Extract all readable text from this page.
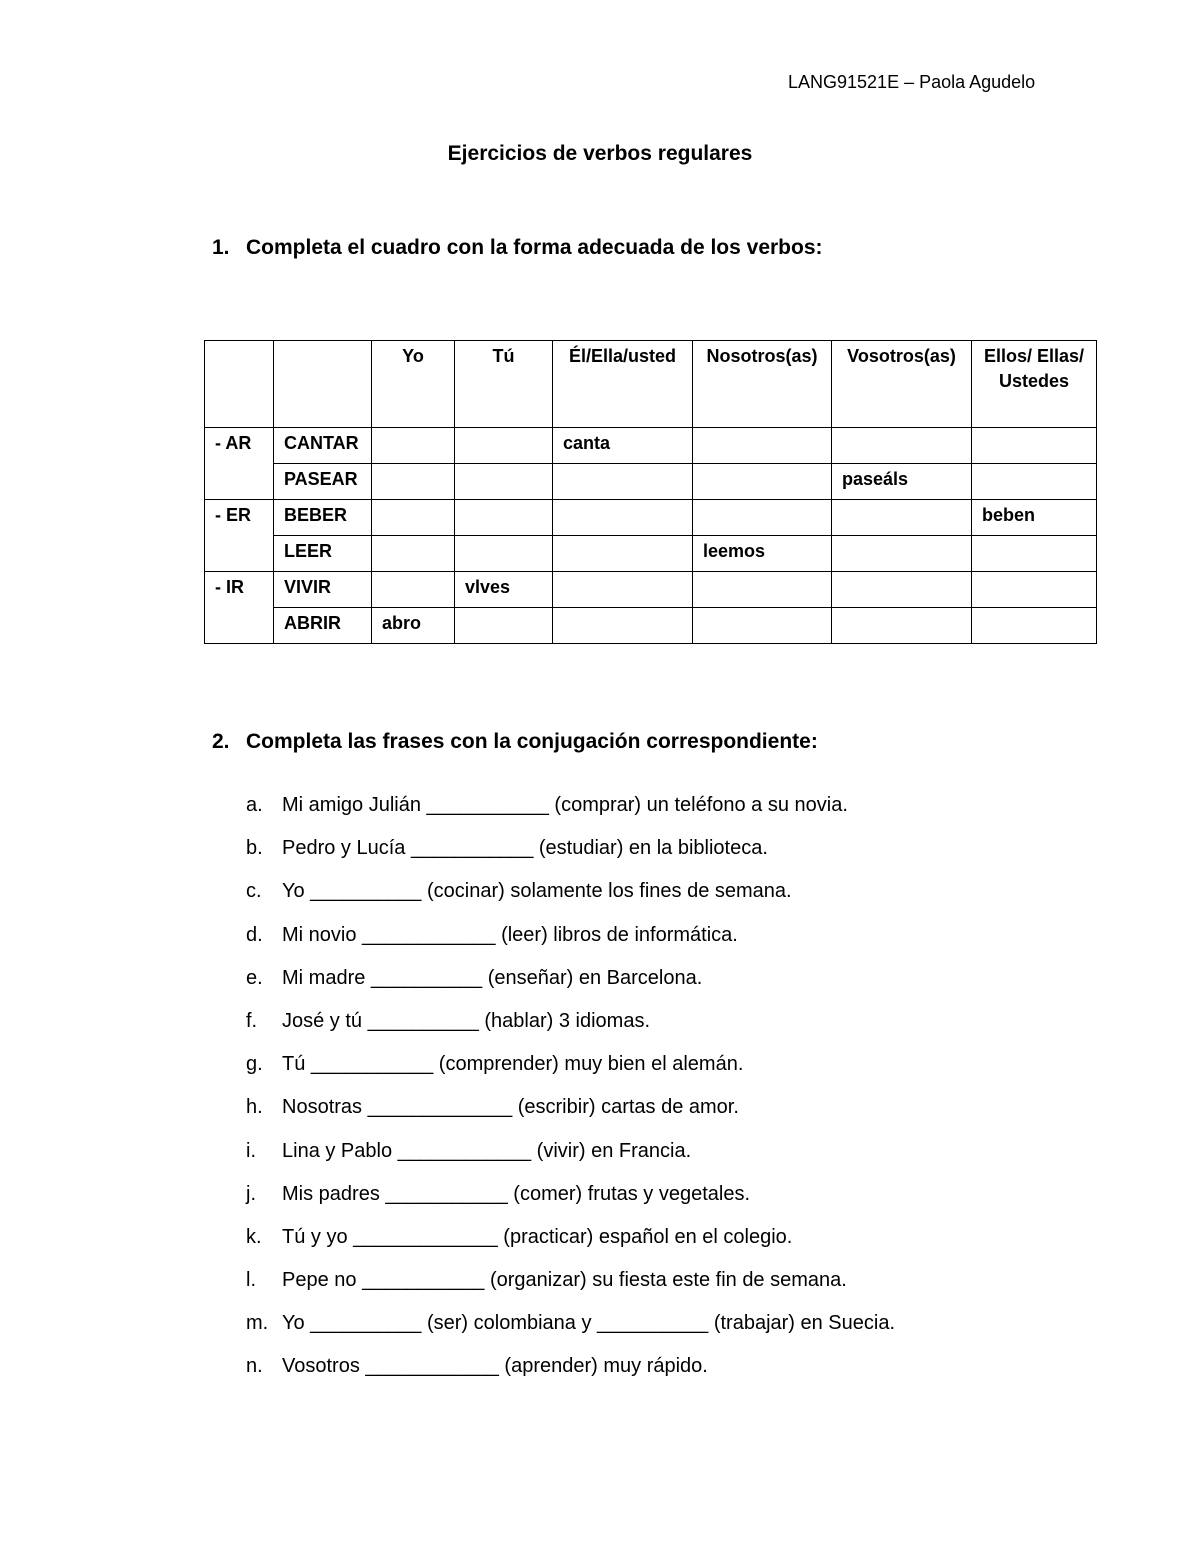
LANG91521E – Paola Agudelo
Ejercicios de verbos regulares
1. Completa el cuadro con la forma adecuada de los verbos:
		Yo	Tú	Él/Ella/usted	Nosotros(as)	Vosotros(as)	Ellos/ Ellas/ Ustedes
- AR	CANTAR			canta			
	PASEAR					paseáls	
- ER	BEBER						beben
	LEER				leemos		
- IR	VIVIR		vlves				
	ABRIR	abro					
2. Completa las frases con la conjugación correspondiente:
a. Mi amigo Julián ___________ (comprar) un teléfono a su novia.
b. Pedro y Lucía ___________ (estudiar) en la biblioteca.
c. Yo __________ (cocinar) solamente los fines de semana.
d. Mi novio ____________ (leer) libros de informática.
e. Mi madre __________ (enseñar) en Barcelona.
f. José y tú __________ (hablar) 3 idiomas.
g. Tú ___________ (comprender) muy bien el alemán.
h. Nosotras _____________ (escribir) cartas de amor.
i. Lina y Pablo ____________ (vivir) en Francia.
j. Mis padres ___________ (comer) frutas y vegetales.
k. Tú y yo _____________ (practicar) español en el colegio.
l. Pepe no ___________ (organizar) su fiesta este fin de semana.
m. Yo __________ (ser) colombiana y __________ (trabajar) en Suecia.
n. Vosotros ____________ (aprender) muy rápido.
